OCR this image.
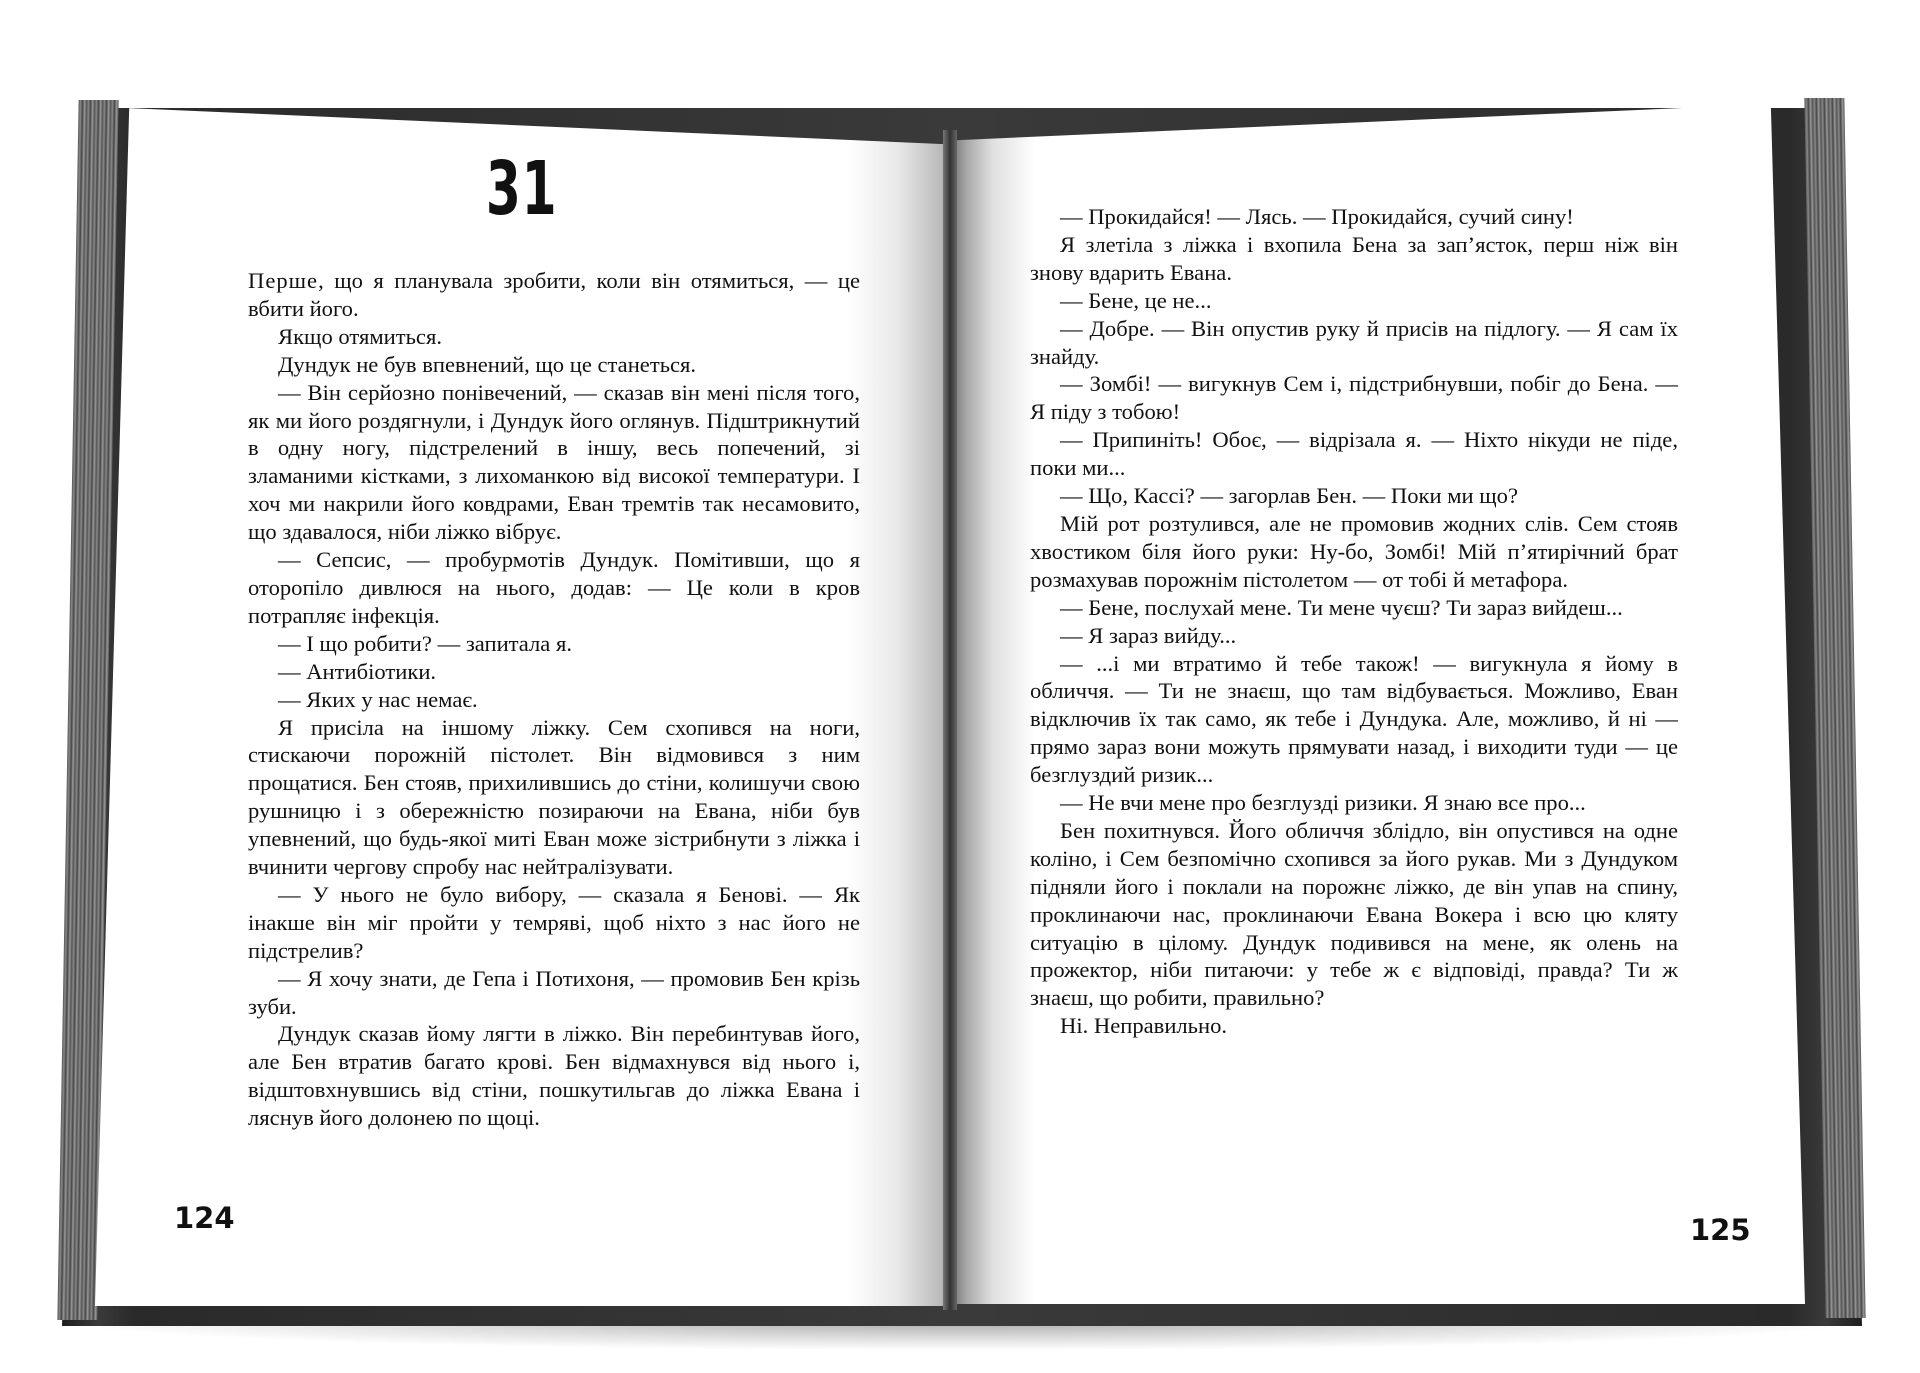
31

Перше, що я планувала зробити, коли він отямиться, — це вбити його.

Якщо отямиться.

Дундук не був впевнений, що це станеться.

— Він серйозно понівечений, — сказав він мені після того, як ми його роздягнули, і Дундук його оглянув. Підштрикнутий в одну ногу, підстрелений в іншу, весь попечений, зі зламаними кістками, з лихоманкою від високої температури. І хоч ми накрили його ковдрами, Еван тремтів так несамовито, що здавалося, ніби ліжко вібрує.

— Сепсис, — пробурмотів Дундук. Помітивши, що я оторопіло дивлюся на нього, додав: — Це коли в кров потрапляє інфекція.

— І що робити? — запитала я.

— Антибіотики.

— Яких у нас немає.

Я присіла на іншому ліжку. Сем схопився на ноги, стискаючи порожній пістолет. Він відмовився з ним прощатися. Бен стояв, прихилившись до стіни, колишучи свою рушницю і з обережністю позираючи на Евана, ніби був упевнений, що будь-якої миті Еван може зістрибнути з ліжка і вчинити чергову спробу нас нейтралізувати.

— У нього не було вибору, — сказала я Бенові. — Як інакше він міг пройти у темряві, щоб ніхто з нас його не підстрелив?

— Я хочу знати, де Гепа і Потихоня, — промовив Бен крізь зуби.

Дундук сказав йому лягти в ліжко. Він перебинтував його, але Бен втратив багато крові. Бен відмахнувся від нього і, відштовхнувшись від стіни, пошкутильгав до ліжка Евана і ляснув його долонею по щоці.

124

— Прокидайся! — Лясь. — Прокидайся, сучий сину!

Я злетіла з ліжка і вхопила Бена за зап’ясток, перш ніж він знову вдарить Евана.

— Бене, це не...

— Добре. — Він опустив руку й присів на підлогу. — Я сам їх знайду.

— Зомбі! — вигукнув Сем і, підстрибнувши, побіг до Бена. — Я піду з тобою!

— Припиніть! Обоє, — відрізала я. — Ніхто нікуди не піде, поки ми...

— Що, Кассі? — загорлав Бен. — Поки ми що?

Мій рот розтулився, але не промовив жодних слів. Сем стояв хвостиком біля його руки: Ну-бо, Зомбі! Мій п’ятирічний брат розмахував порожнім пістолетом — от тобі й метафора.

— Бене, послухай мене. Ти мене чуєш? Ти зараз вийдеш...

— Я зараз вийду...

— ...і ми втратимо й тебе також! — вигукнула я йому в обличчя. — Ти не знаєш, що там відбувається. Можливо, Еван відключив їх так само, як тебе і Дундука. Але, можливо, й ні — прямо зараз вони можуть прямувати назад, і виходити туди — це безглуздий ризик...

— Не вчи мене про безглузді ризики. Я знаю все про...

Бен похитнувся. Його обличчя зблідло, він опустився на одне коліно, і Сем безпомічно схопився за його рукав. Ми з Дундуком підняли його і поклали на порожнє ліжко, де він упав на спину, проклинаючи нас, проклинаючи Евана Вокера і всю цю кляту ситуацію в цілому. Дундук подивився на мене, як олень на прожектор, ніби питаючи: у тебе ж є відповіді, правда? Ти ж знаєш, що робити, правильно?

Ні. Неправильно.

125
